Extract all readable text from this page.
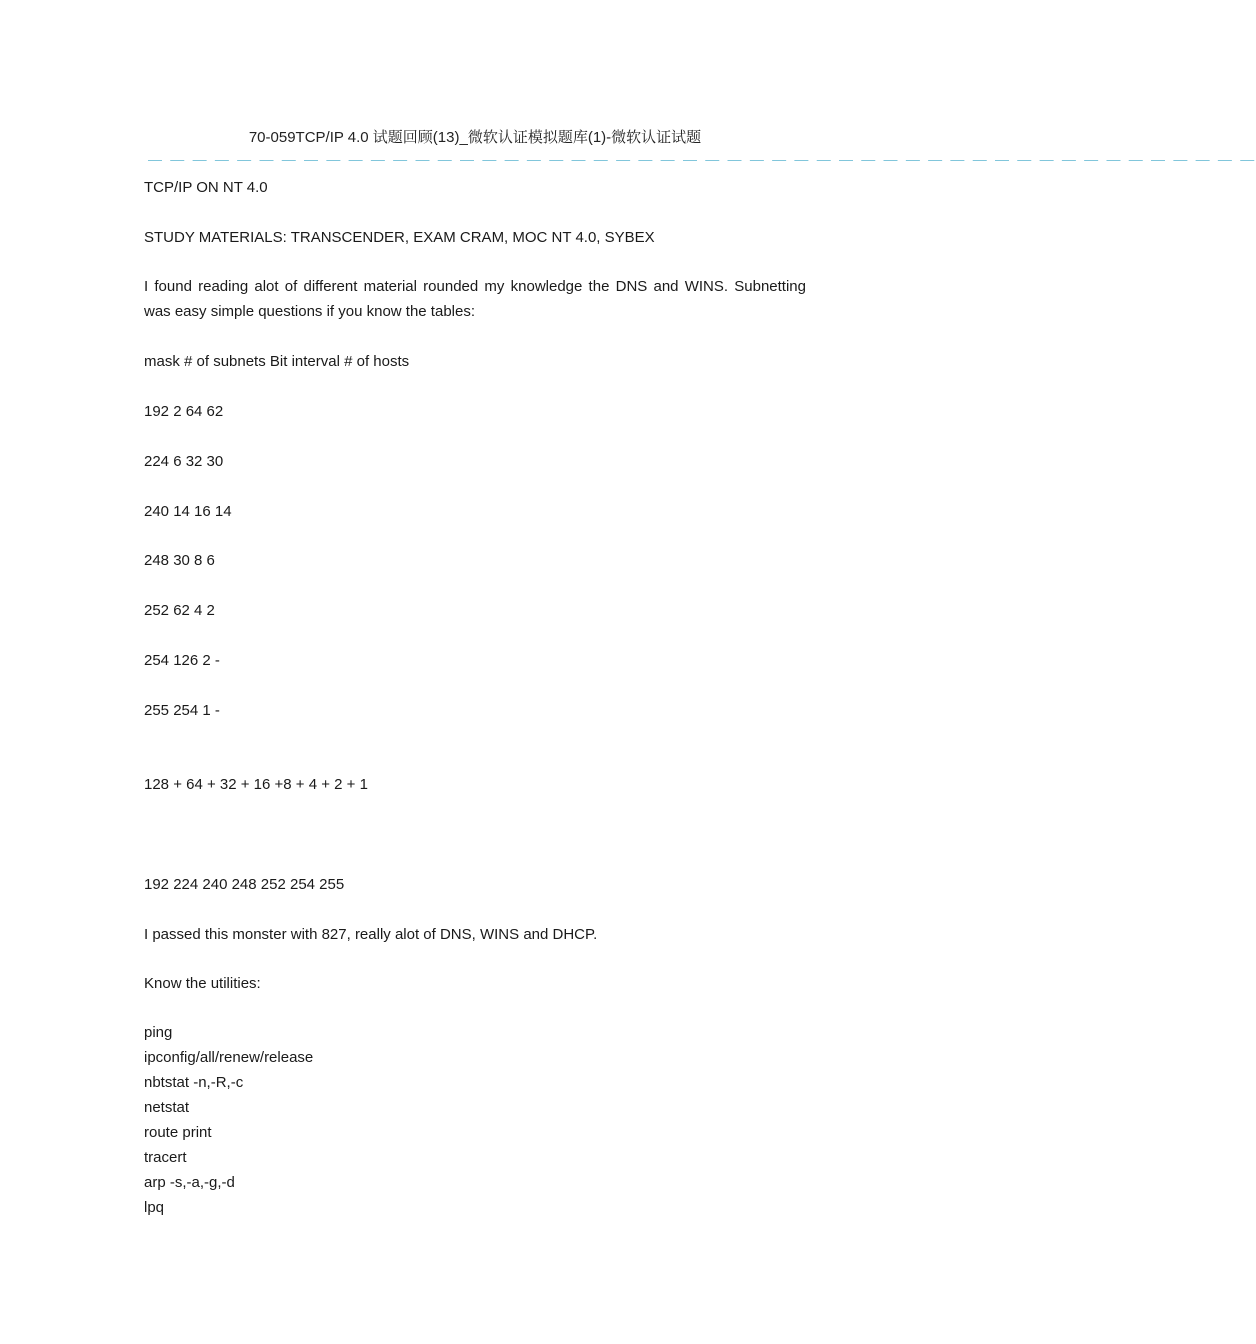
70-059TCP/IP 4.0 试题回顾(13)_微软认证模拟题库(1)-微软认证试题
— — — — — — — — — — — — — — — — — — — — — — — — — — — — — — — — — — — — — — — — — — — — — — — — — —

TCP/IP ON NT 4.0

STUDY MATERIALS: TRANSCENDER, EXAM CRAM, MOC NT 4.0, SYBEX

I found reading alot of different material rounded my knowledge the DNS and WINS. Subnetting was easy simple questions if you know the tables:

mask # of subnets Bit interval # of hosts

192 2 64 62

224 6 32 30

240 14 16 14

248 30 8 6

252 62 4 2

254 126 2 -

255 254 1 -

128 + 64 + 32 + 16 +8 + 4 + 2 + 1

192 224 240 248 252 254 255

I passed this monster with 827, really alot of DNS, WINS and DHCP.

Know the utilities:

ping
ipconfig/all/renew/release
nbtstat -n,-R,-c
netstat
route print
tracert
arp -s,-a,-g,-d
lpq
